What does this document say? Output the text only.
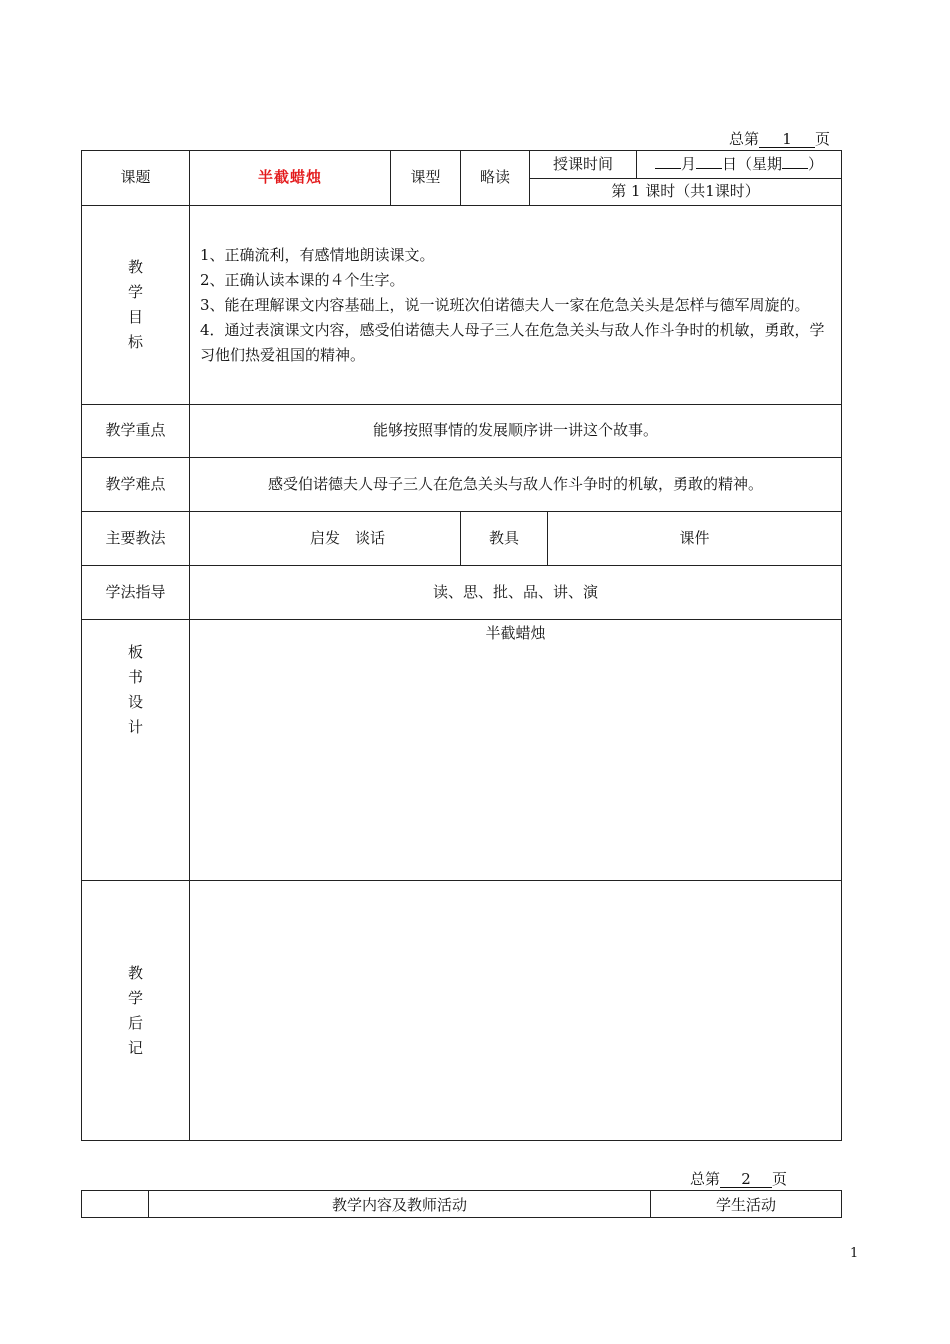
总第 1 页
课题	半截蜡烛	课型	略读	授课时间		月 日（星期 ）
				第 1 课时（共1课时）		
教学目标	1、正确流利，有感情地朗读课文。

2、正确认读本课的４个生字。

3、能在理解课文内容基础上，说一说班次伯诺德夫人一家在危急关头是怎样与德军周旋的。

4．通过表演课文内容，感受伯诺德夫人母子三人在危急关头与敌人作斗争时的机敏，勇敢，学习他们热爱祖国的精神。					

教学重点	能够按照事情的发展顺序讲一讲这个故事。					
教学难点	感受伯诺德夫人母子三人在危急关头与敌人作斗争时的机敏，勇敢的精神。					
主要教法	启发　谈话		教具		课件	
学法指导	读、思、批、品、讲、演					
板书设计	半截蜡烛					
教学后记						
总第 2 页
	教学内容及教师活动	学生活动
1
